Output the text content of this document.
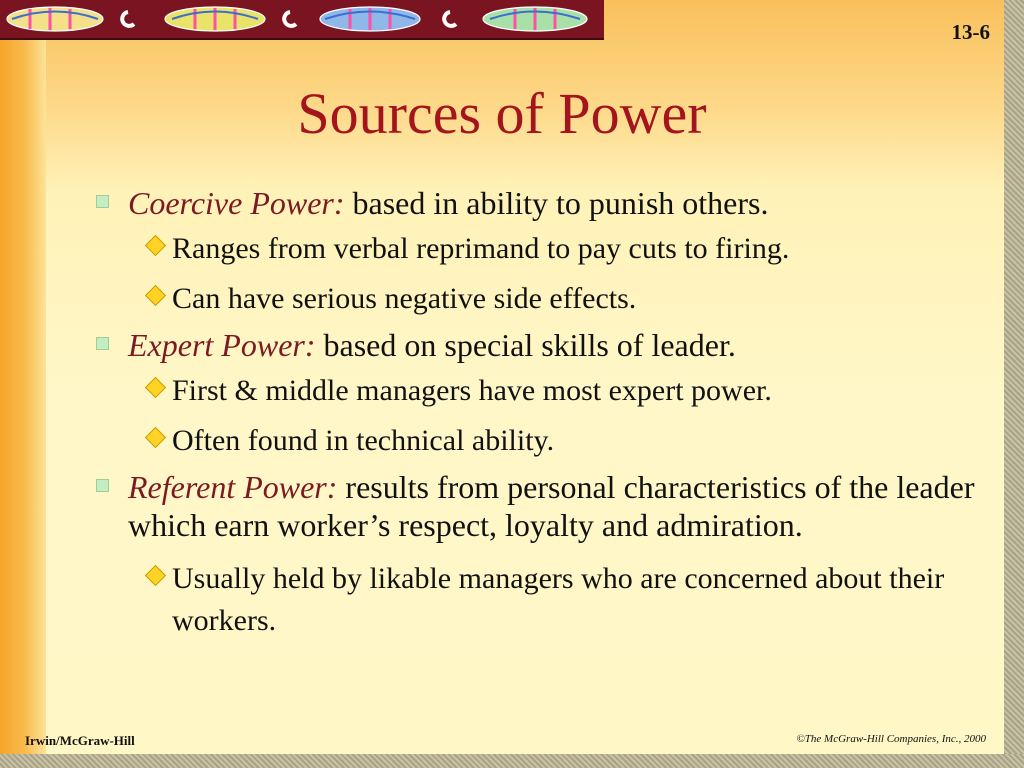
13-6
Sources of Power
Coercive Power: based in ability to punish others.
Ranges from verbal reprimand to pay cuts to firing.
Can have serious negative side effects.
Expert Power: based on special skills of leader.
First & middle managers have most expert power.
Often found in technical ability.
Referent Power: results from personal characteristics of the leader which earn worker’s respect, loyalty and admiration.
Usually held by likable managers who are concerned about their workers.
Irwin/McGraw-Hill	©The McGraw-Hill Companies, Inc., 2000
